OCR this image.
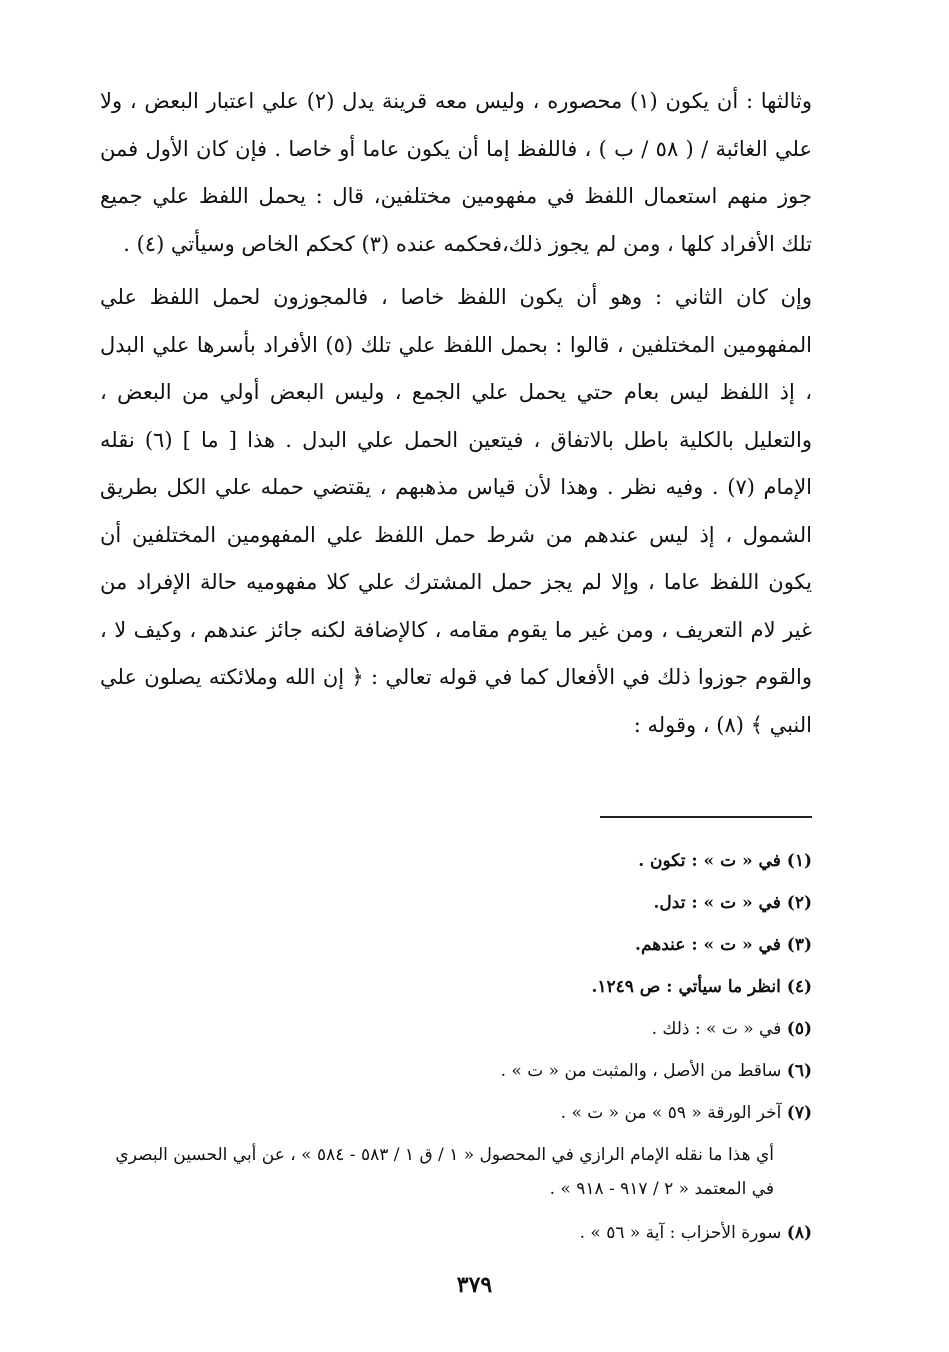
وثالثها : أن يكون (١) محصوره ، وليس معه قرينة يدل (٢) علي اعتبار البعض ، ولا علي الغائبة / ( ٥٨ / ب ) ، فاللفظ إما أن يكون عاما أو خاصا . فإن كان الأول فمن جوز منهم استعمال اللفظ في مفهومين مختلفين، قال : يحمل اللفظ علي جميع تلك الأفراد كلها ، ومن لم يجوز ذلك،فحكمه عنده (٣) كحكم الخاص وسيأتي (٤) .

وإن كان الثاني : وهو أن يكون اللفظ خاصا ، فالمجوزون لحمل اللفظ علي المفهومين المختلفين ، قالوا : بحمل اللفظ علي تلك (٥) الأفراد بأسرها علي البدل ، إذ اللفظ ليس بعام حتي يحمل علي الجمع ، وليس البعض أولي من البعض ، والتعليل بالكلية باطل بالاتفاق ، فيتعين الحمل علي البدل . هذا [ ما ] (٦) نقله الإمام (٧) . وفيه نظر . وهذا لأن قياس مذهبهم ، يقتضي حمله علي الكل بطريق الشمول ، إذ ليس عندهم من شرط حمل اللفظ علي المفهومين المختلفين أن يكون اللفظ عاما ، وإلا لم يجز حمل المشترك علي كلا مفهوميه حالة الإفراد من غير لام التعريف ، ومن غير ما يقوم مقامه ، كالإضافة لكنه جائز عندهم ، وكيف لا ، والقوم جوزوا ذلك في الأفعال كما في قوله تعالي : ﴿ إن الله وملائكته يصلون علي النبي ﴾ (٨) ، وقوله :

(١) في « ت » : تكون .
(٢) في « ت » : تدل.
(٣) في « ت » : عندهم.
(٤) انظر ما سيأتي : ص ١٢٤٩.
(٥) في « ت » : ذلك .
(٦) ساقط من الأصل ، والمثبت من « ت » .
(٧) آخر الورقة « ٥٩ » من « ت » .
أي هذا ما نقله الإمام الرازي في المحصول « ١ / ق ١ / ٥٨٣ - ٥٨٤ » ، عن أبي الحسين البصري في المعتمد « ٢ / ٩١٧ - ٩١٨ » .
(٨) سورة الأحزاب : آية « ٥٦ » .
٣٧٩
